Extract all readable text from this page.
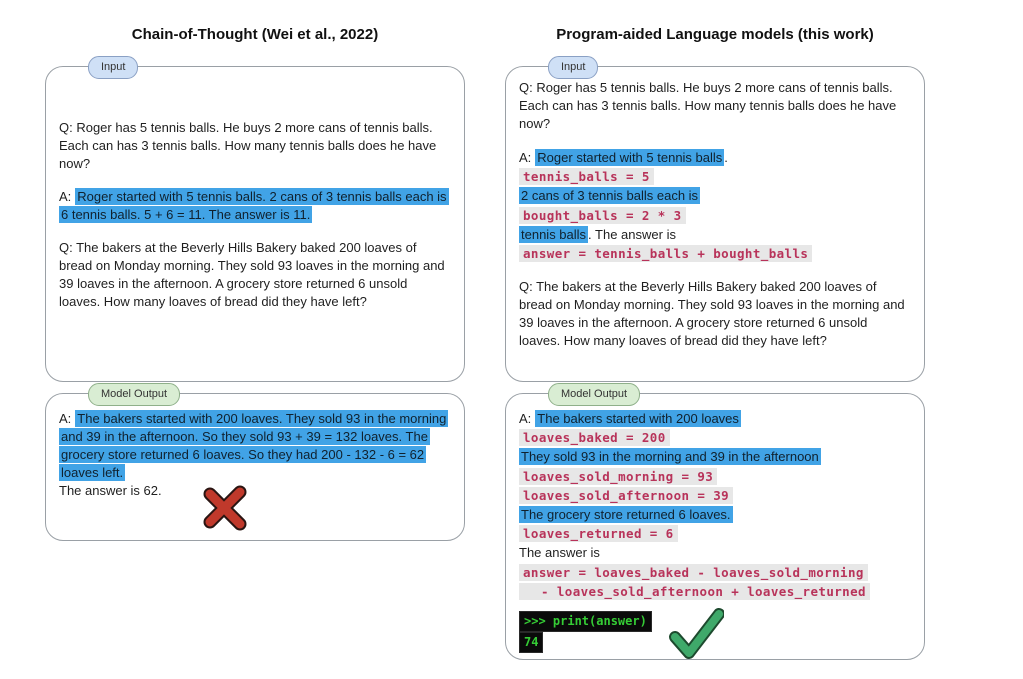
Chain-of-Thought (Wei et al., 2022)
Input

Q: Roger has 5 tennis balls. He buys 2 more cans of tennis balls. Each can has 3 tennis balls. How many tennis balls does he have now?

A: Roger started with 5 tennis balls. 2 cans of 3 tennis balls each is 6 tennis balls. 5 + 6 = 11. The answer is 11.

Q: The bakers at the Beverly Hills Bakery baked 200 loaves of bread on Monday morning. They sold 93 loaves in the morning and 39 loaves in the afternoon. A grocery store returned 6 unsold loaves. How many loaves of bread did they have left?

Model Output

A: The bakers started with 200 loaves. They sold 93 in the morning and 39 in the afternoon. So they sold 93 + 39 = 132 loaves. The grocery store returned 6 loaves. So they had 200 - 132 - 6 = 62 loaves left.

The answer is 62.

Program-aided Language models (this work)
Input

Q: Roger has 5 tennis balls. He buys 2 more cans of tennis balls. Each can has 3 tennis balls. How many tennis balls does he have now?

A: Roger started with 5 tennis balls .

tennis_balls = 5

2 cans of 3 tennis balls each is

bought_balls = 2 * 3

tennis balls . The answer is

answer = tennis_balls + bought_balls

Q: The bakers at the Beverly Hills Bakery baked 200 loaves of bread on Monday morning. They sold 93 loaves in the morning and 39 loaves in the afternoon. A grocery store returned 6 unsold loaves. How many loaves of bread did they have left?

Model Output

A: The bakers started with 200 loaves

loaves_baked = 200

They sold 93 in the morning and 39 in the afternoon

loaves_sold_morning = 93

loaves_sold_afternoon = 39

The grocery store returned 6 loaves.

loaves_returned = 6

The answer is

answer = loaves_baked - loaves_sold_morning

- loaves_sold_afternoon + loaves_returned

>>> print(answer)

74
